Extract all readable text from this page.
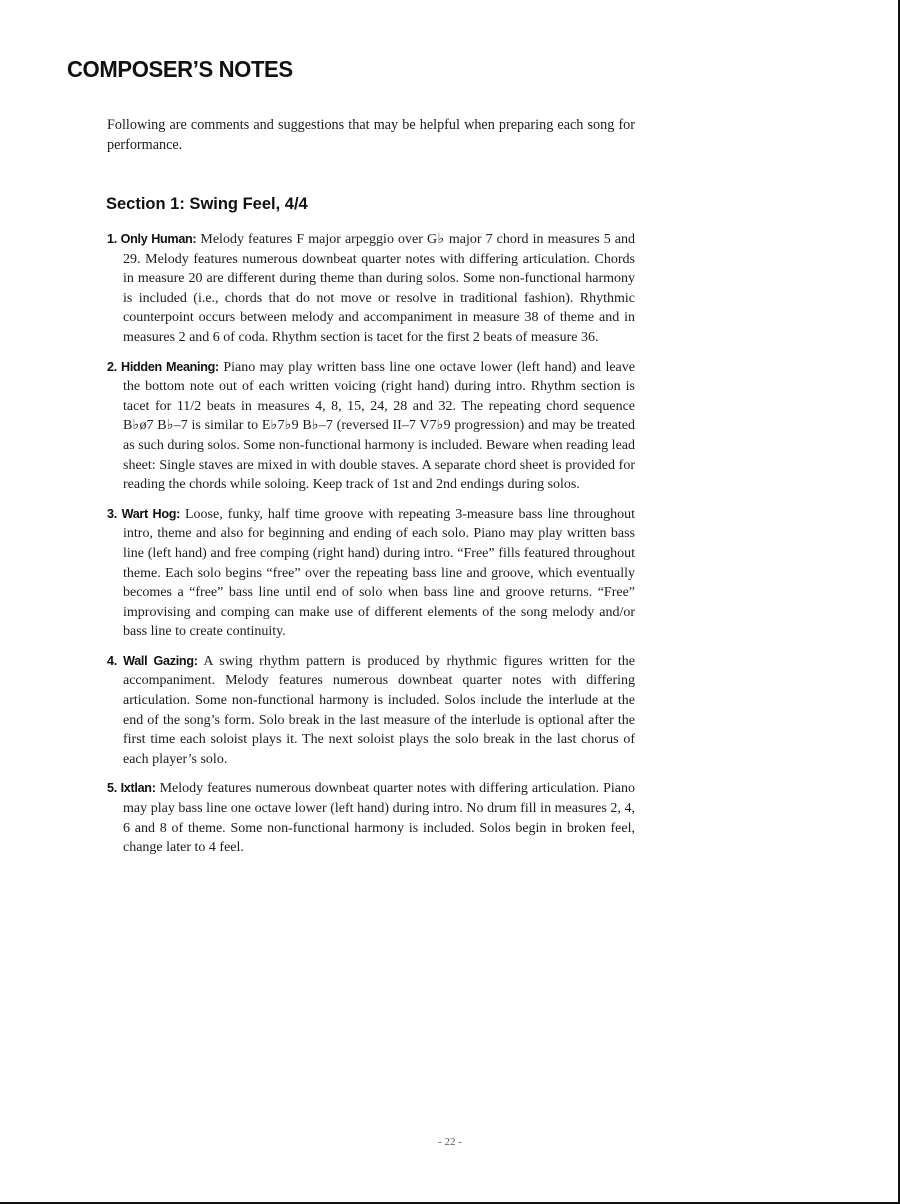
COMPOSER’S NOTES

Following are comments and suggestions that may be helpful when preparing each song for performance.

Section 1: Swing Feel, 4/4

1. Only Human: Melody features F major arpeggio over G♭ major 7 chord in measures 5 and 29. Melody features numerous downbeat quarter notes with differing articulation. Chords in measure 20 are different during theme than during solos. Some non-functional harmony is included (i.e., chords that do not move or resolve in traditional fashion). Rhythmic counterpoint occurs between melody and accompaniment in measure 38 of theme and in measures 2 and 6 of coda. Rhythm section is tacet for the first 2 beats of measure 36.

2. Hidden Meaning: Piano may play written bass line one octave lower (left hand) and leave the bottom note out of each written voicing (right hand) during intro. Rhythm section is tacet for 11/2 beats in measures 4, 8, 15, 24, 28 and 32. The repeating chord sequence B♭ø7 B♭–7 is similar to E♭7♭9 B♭–7 (reversed II–7 V7♭9 progression) and may be treated as such during solos. Some non-functional harmony is included. Beware when reading lead sheet: Single staves are mixed in with double staves. A separate chord sheet is provided for reading the chords while soloing. Keep track of 1st and 2nd endings during solos.

3. Wart Hog: Loose, funky, half time groove with repeating 3-measure bass line throughout intro, theme and also for beginning and ending of each solo. Piano may play written bass line (left hand) and free comping (right hand) during intro. “Free” fills featured throughout theme. Each solo begins “free” over the repeating bass line and groove, which eventually becomes a “free” bass line until end of solo when bass line and groove returns. “Free” improvising and comping can make use of different elements of the song melody and/or bass line to create continuity.

4. Wall Gazing: A swing rhythm pattern is produced by rhythmic figures written for the accompaniment. Melody features numerous downbeat quarter notes with differing articulation. Some non-functional harmony is included. Solos include the interlude at the end of the song’s form. Solo break in the last measure of the interlude is optional after the first time each soloist plays it. The next soloist plays the solo break in the last chorus of each player’s solo.

5. Ixtlan: Melody features numerous downbeat quarter notes with differing articulation. Piano may play bass line one octave lower (left hand) during intro. No drum fill in measures 2, 4, 6 and 8 of theme. Some non-functional harmony is included. Solos begin in broken feel, change later to 4 feel.

- 22 -
